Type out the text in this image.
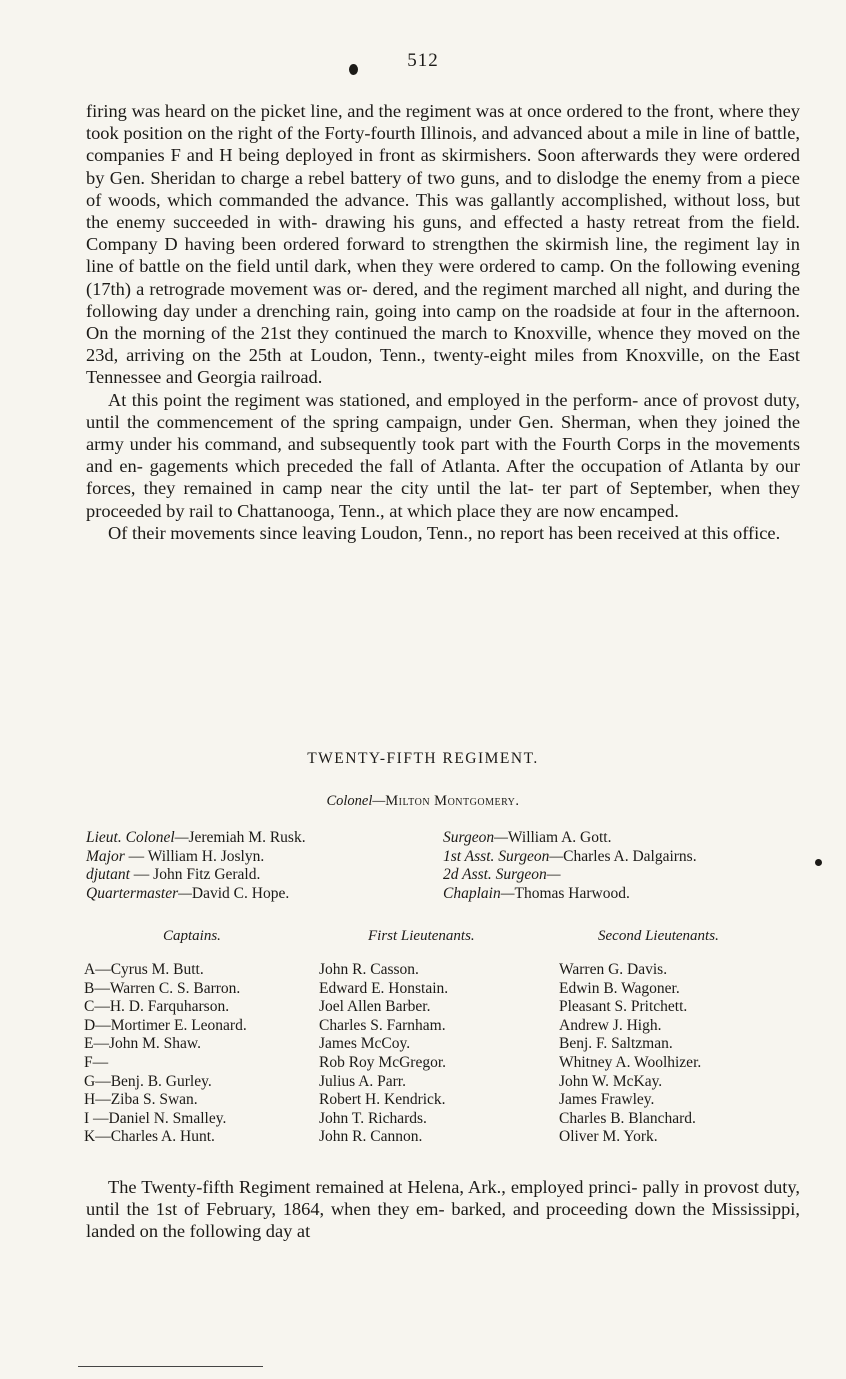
512

firing was heard on the picket line, and the regiment was at once ordered to the front, where they took position on the right of the Forty-fourth Illinois, and advanced about a mile in line of battle, companies F and H being deployed in front as skirmishers. Soon afterwards they were ordered by Gen. Sheridan to charge a rebel battery of two guns, and to dislodge the enemy from a piece of woods, which commanded the advance. This was gallantly accomplished, without loss, but the enemy succeeded in with- drawing his guns, and effected a hasty retreat from the field. Company D having been ordered forward to strengthen the skirmish line, the regiment lay in line of battle on the field until dark, when they were ordered to camp. On the following evening (17th) a retrograde movement was or- dered, and the regiment marched all night, and during the following day under a drenching rain, going into camp on the roadside at four in the afternoon. On the morning of the 21st they continued the march to Knoxville, whence they moved on the 23d, arriving on the 25th at Loudon, Tenn., twenty-eight miles from Knoxville, on the East Tennessee and Georgia railroad.

At this point the regiment was stationed, and employed in the perform- ance of provost duty, until the commencement of the spring campaign, under Gen. Sherman, when they joined the army under his command, and subsequently took part with the Fourth Corps in the movements and en- gagements which preceded the fall of Atlanta. After the occupation of Atlanta by our forces, they remained in camp near the city until the lat- ter part of September, when they proceeded by rail to Chattanooga, Tenn., at which place they are now encamped.

Of their movements since leaving Loudon, Tenn., no report has been received at this office.

TWENTY-FIFTH REGIMENT.
Colonel—Milton Montgomery.
Lieut. Colonel—Jeremiah M. Rusk.
Major — William H. Joslyn.
djutant — John Fitz Gerald.
Quartermaster—David C. Hope.
Surgeon—William A. Gott.
1st Asst. Surgeon—Charles A. Dalgairns.
2d Asst. Surgeon—
Chaplain—Thomas Harwood.
Captains.	First Lieutenants.	Second Lieutenants.
A—Cyrus M. Butt.
B—Warren C. S. Barron.
C—H. D. Farquharson.
D—Mortimer E. Leonard.
E—John M. Shaw.
F—
G—Benj. B. Gurley.
H—Ziba S. Swan.
I —Daniel N. Smalley.
K—Charles A. Hunt.
John R. Casson.
Edward E. Honstain.
Joel Allen Barber.
Charles S. Farnham.
James McCoy.
Rob Roy McGregor.
Julius A. Parr.
Robert H. Kendrick.
John T. Richards.
John R. Cannon.
Warren G. Davis.
Edwin B. Wagoner.
Pleasant S. Pritchett.
Andrew J. High.
Benj. F. Saltzman.
Whitney A. Woolhizer.
John W. McKay.
James Frawley.
Charles B. Blanchard.
Oliver M. York.

The Twenty-fifth Regiment remained at Helena, Ark., employed princi- pally in provost duty, until the 1st of February, 1864, when they em- barked, and proceeding down the Mississippi, landed on the following day at
